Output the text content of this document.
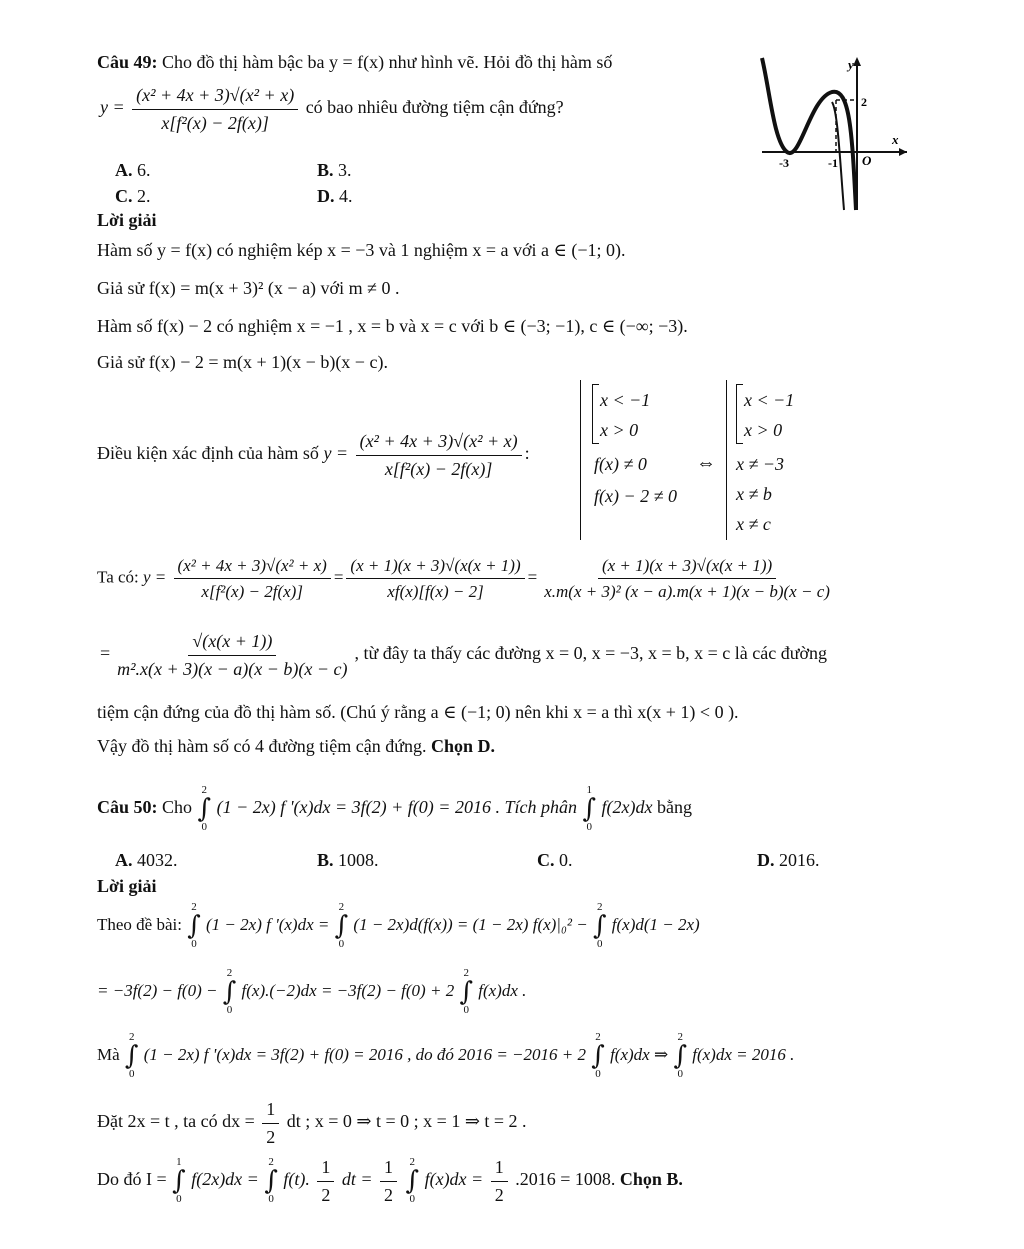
Câu 49: Cho đồ thị hàm bậc ba y = f(x) như hình vẽ. Hỏi đồ thị hàm số
$y = \frac{\text{(x² + 4x + 3)√(x² + x)}}{\text{x[f²(x) − 2f(x)]}}$ có bao nhiêu đường tiệm cận đứng?
A. 6.	B. 3.
C. 2.	D. 4.
y
x
2
-3	-1 O
Lời giải
Hàm số y = f(x) có nghiệm kép x = −3 và 1 nghiệm x = a với a ∈ (−1; 0).
Giả sử f(x) = m(x + 3)² (x − a) với m ≠ 0 .
Hàm số f(x) − 2 có nghiệm x = −1 , x = b và x = c với b ∈ (−3; −1), c ∈ (−∞; −3).
Giả sử f(x) − 2 = m(x + 1)(x − b)(x − c).
Điều kiện xác định của hàm số $y = \frac{\text{(x² + 4x + 3)√(x² + x)}}{\text{x[f²(x) − 2f(x)]}}$ :
x < −1
x > 0
f(x) ≠ 0
f(x) − 2 ≠ 0
⇔
x < −1
x > 0
x ≠ −3
x ≠ b
x ≠ c
Ta có: $y = \frac{\text{(x² + 4x + 3)√(x² + x)}}{\text{x[f²(x) − 2f(x)]}} = \frac{(x + 1)(x + 3)√(x(x + 1))}{xf(x)[f(x) - 2]} = \frac{(x + 1)(x + 3)√(x(x + 1))}{\text{x.m(x + 3)² (x − a).m(x + 1)(x − b)(x − c)}}$
= $\frac{√(x(x + 1))}{\text{m².x(x + 3)(x − a)(x − b)(x − c)}}$ , từ đây ta thấy các đường x = 0, x = −3, x = b, x = c là các đường
tiệm cận đứng của đồ thị hàm số. (Chú ý rằng a ∈ (−1; 0) nên khi x = a thì x(x + 1) < 0 ).
Vậy đồ thị hàm số có 4 đường tiệm cận đứng. Chọn D.
Câu 50: Cho
2
∫
0
(1 − 2x) f '(x)dx = 3f(2) + f(0) = 2016 . Tích phân
1
∫
0
f(2x)dx bằng
A. 4032.	B. 1008.	C. 0.	D. 2016.
Lời giải
Theo đề bài:
2
∫
0
(1 − 2x) f '(x)dx =
2
∫
0
(1 − 2x)d(f(x)) = (1 − 2x) f(x)|₀² −
2
∫
0
f(x)d(1 − 2x)
= −3f(2) − f(0) −
2
∫
0
f(x).(−2)dx = −3f(2) − f(0) + 2
2
∫
0
f(x)dx .
Mà
2
∫
0
(1 − 2x) f '(x)dx = 3f(2) + f(0) = 2016 , do đó 2016 = −2016 + 2
2
∫
0
f(x)dx ⇒
2
∫
0
f(x)dx = 2016 .
Đặt 2x = t , ta có dx = $\frac{1}{2}$ dt ; x = 0 ⇒ t = 0 ; x = 1 ⇒ t = 2 .
Do đó I =
1
∫
0
f(2x)dx =
2
∫
0
f(t). $\frac{1}{2}$ dt = $\frac{1}{2}$
2
∫
0
$f(x)dx = \frac{1}{2} .2016 = 1008$. Chọn B.
